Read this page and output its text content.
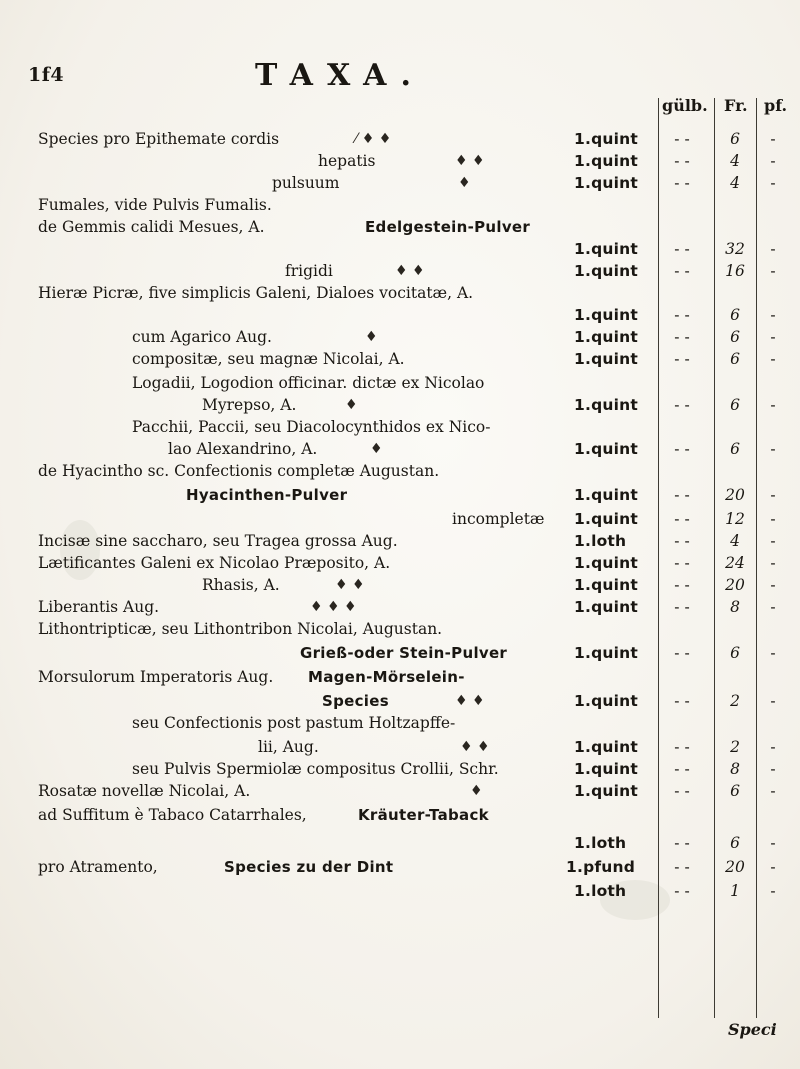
1f4	TAXA.
gülb. Fr. pf.
Species pro Epithemate cordis	⁄ ♦ ♦	1.quint	- -	6	-
hepatis	♦ ♦	1.quint	- -	4	-
pulsuum	♦	1.quint	- -	4	-
Fumales, vide Pulvis Fumalis.
de Gemmis calidi Mesues, A.	Edelgestein-Pulver
1.quint	- -	32	-
frigidi	♦ ♦	1.quint	- -	16	-
Hieræ Picræ, five simplicis Galeni, Dialoes vocitatæ, A.
1.quint	- -	6	-
cum Agarico Aug.	♦	1.quint	- -	6	-
compositæ, seu magnæ Nicolai, A.	1.quint	- -	6	-
Logadii, Logodion officinar. dictæ ex Nicolao
Myrepso, A.	♦	1.quint	- -	6	-
Pacchii, Paccii, seu Diacolocynthidos ex Nico-
lao Alexandrino, A.	♦	1.quint	- -	6	-
de Hyacintho sc. Confectionis completæ Augustan.
Hyacinthen-Pulver	1.quint	- -	20	-
incompletæ 1.quint	- -	12	-
Incisæ sine saccharo, seu Tragea grossa Aug.	1.loth	- -	4	-
Lætificantes Galeni ex Nicolao Præposito, A.	1.quint	- -	24	-
Rhasis, A.	♦ ♦	1.quint	- -	20	-
Liberantis Aug.	♦ ♦ ♦	1.quint	- -	8	-
Lithontripticæ, seu Lithontribon Nicolai, Augustan.
Grieß-oder Stein-Pulver	1.quint	- -	6	-
Morsulorum Imperatoris Aug. Magen-Mörselein-
Species	♦ ♦	1.quint	- -	2	-
seu Confectionis post pastum Holtzapffe-
lii, Aug.	♦ ♦	1.quint	- -	2	-
seu Pulvis Spermiolæ compositus Crollii, Schr.	1.quint	- -	8	-
Rosatæ novellæ Nicolai, A.	♦	1.quint	- -	6	-
ad Suffitum è Tabaco Catarrhales,	Kräuter-Taback
1.loth	- -	6	-
pro Atramento,	Species zu der Dint	1.pfund	- -	20	-
1.loth	- -	1	-
Speci
